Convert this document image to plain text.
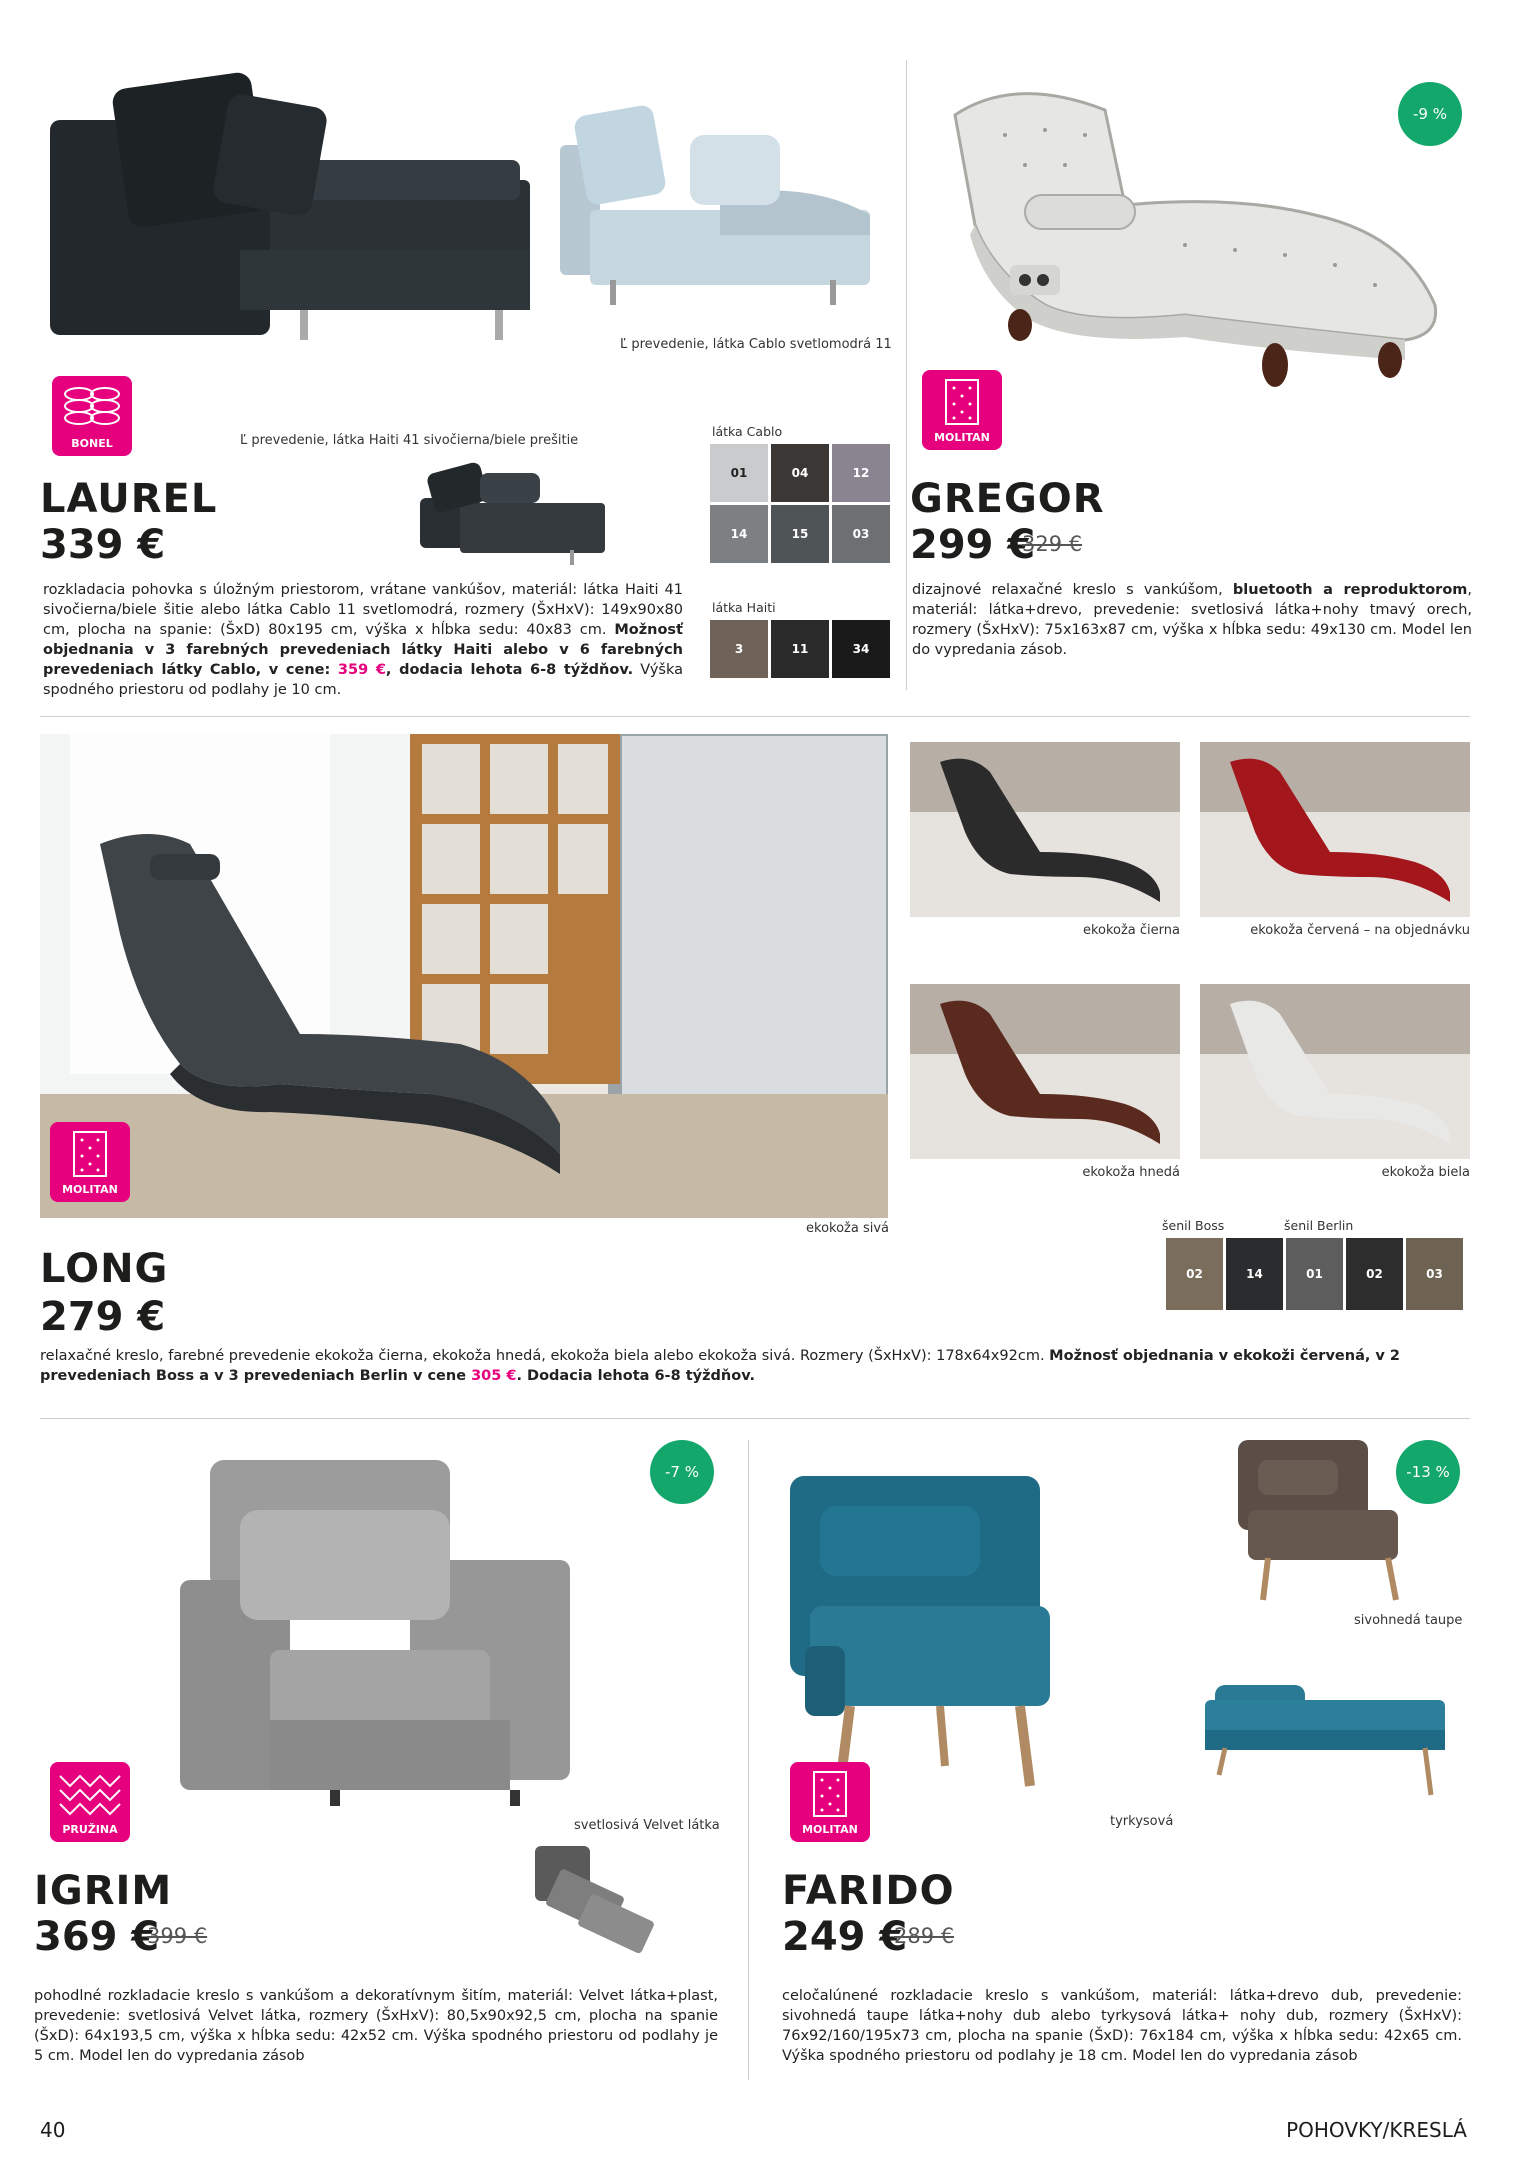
Ľ prevedenie, látka Cablo svetlomodrá 11
BONEL	Ľ prevedenie, látka Haiti 41 sivočierna/biele prešitie
LAUREL
339 €
rozkladacia pohovka s úložným priestorom, vrátane vankúšov, materiál: látka Haiti 41 sivočierna/biele šitie alebo látka Cablo 11 svetlomodrá, rozmery (ŠxHxV): 149x90x80 cm, plocha na spanie: (ŠxD) 80x195 cm, výška x hĺbka sedu: 40x83 cm. Možnosť objednania v 3 farebných prevedeniach látky Haiti alebo v 6 farebných prevedeniach látky Cablo, v cene: 359 €, dodacia lehota 6-8 týždňov. Výška spodného priestoru od podlahy je 10 cm.
látka Cablo
01	04	12
14	15	03
látka Haiti
3	11	34
-9 %
MOLITAN
GREGOR
299 €
329 €
dizajnové relaxačné kreslo s vankúšom, bluetooth a reproduktorom, materiál: látka+drevo, prevedenie: svetlosivá látka+nohy tmavý orech, rozmery (ŠxHxV): 75x163x87 cm, výška x hĺbka sedu: 49x130 cm. Model len do vypredania zásob.
MOLITAN
ekokoža sivá
ekokoža čierna	ekokoža červená – na objednávku
ekokoža hnedá	ekokoža biela
šenil Boss	šenil Berlin
02	14	01	02	03
LONG
279 €
relaxačné kreslo, farebné prevedenie ekokoža čierna, ekokoža hnedá, ekokoža biela alebo ekokoža sivá. Rozmery (ŠxHxV): 178x64x92cm. Možnosť objednania v ekokoži červená, v 2 prevedeniach Boss a v 3 prevedeniach Berlin v cene 305 €. Dodacia lehota 6-8 týždňov.
-7 %
PRUŽINA	svetlosivá Velvet látka
IGRIM
369 €
399 €
pohodlné rozkladacie kreslo s vankúšom a dekoratívnym šitím, materiál: Velvet látka+plast, prevedenie: svetlosivá Velvet látka, rozmery (ŠxHxV): 80,5x90x92,5 cm, plocha na spanie (ŠxD): 64x193,5 cm, výška x hĺbka sedu: 42x52 cm. Výška spodného priestoru od podlahy je 5 cm. Model len do vypredania zásob
-13 %
sivohnedá taupe
MOLITAN
tyrkysová
FARIDO
249 €
289 €
celočalúnené rozkladacie kreslo s vankúšom, materiál: látka+drevo dub, prevedenie: sivohnedá taupe látka+nohy dub alebo tyrkysová látka+ nohy dub, rozmery (ŠxHxV): 76x92/160/195x73 cm, plocha na spanie (ŠxD): 76x184 cm, výška x hĺbka sedu: 42x65 cm. Výška spodného priestoru od podlahy je 18 cm. Model len do vypredania zásob
40	POHOVKY/KRESLÁ
